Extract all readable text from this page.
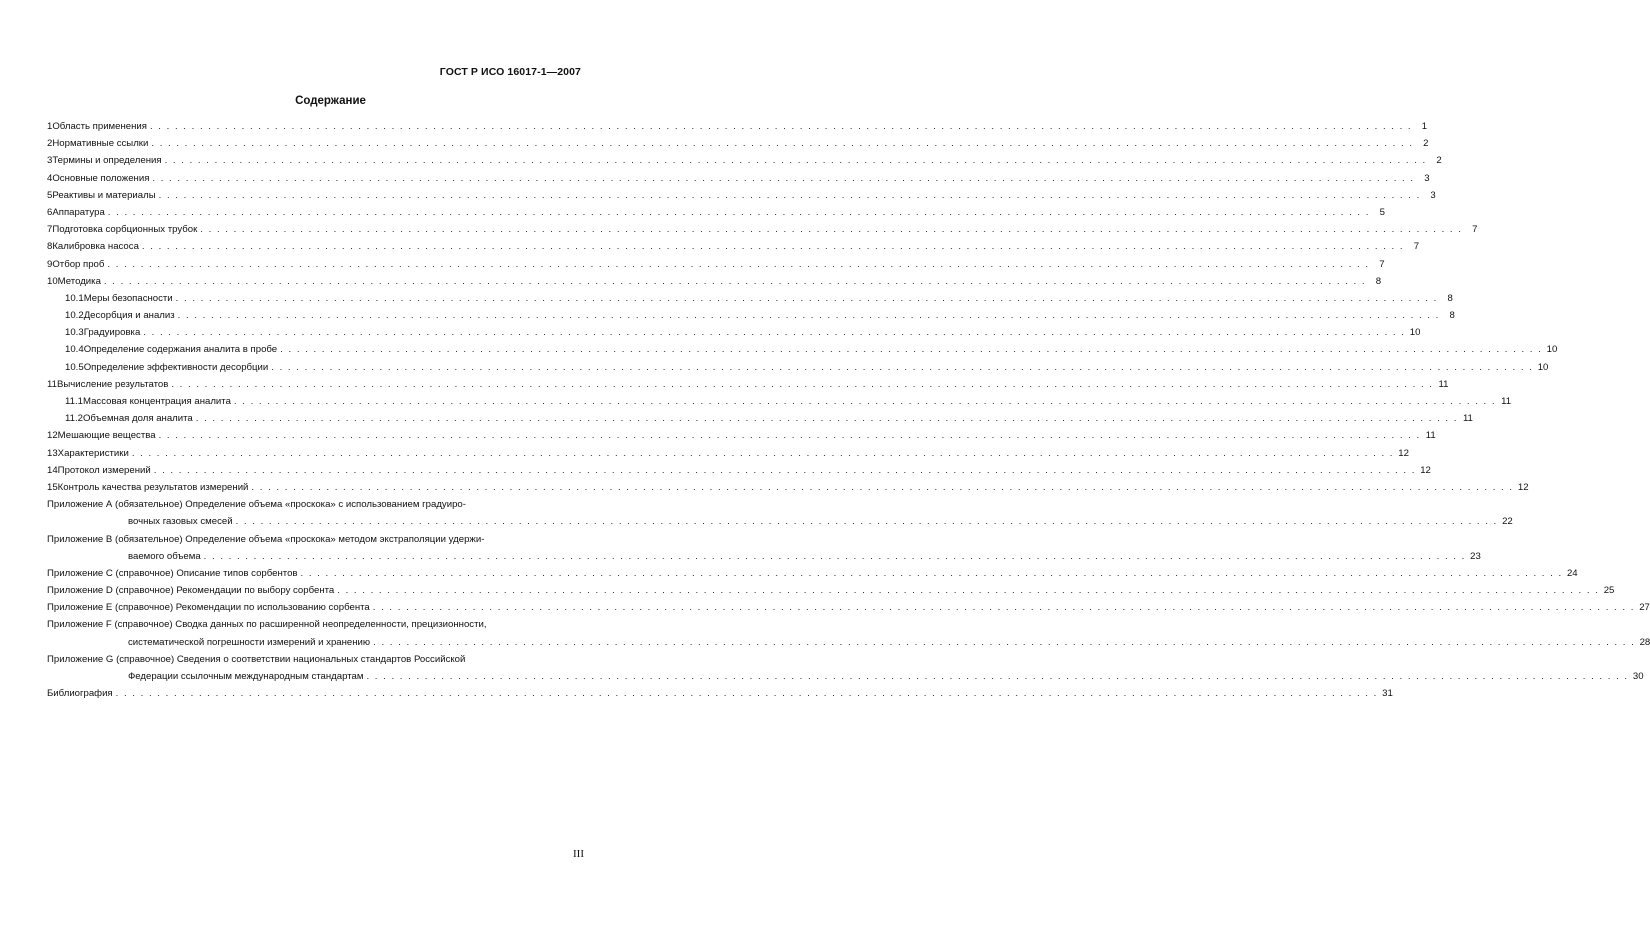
ГОСТ Р ИСО 16017-1—2007
Содержание
1 Область применения . . .	1
2 Нормативные ссылки . . .	2
3 Термины и определения . . .	2
4 Основные положения . . .	3
5 Реактивы и материалы . . .	3
6 Аппаратура . . .	5
7 Подготовка сорбционных трубок . . .	7
8 Калибровка насоса . . .	7
9 Отбор проб . . .	7
10 Методика . . .	8
10.1 Меры безопасности . . .	8
10.2 Десорбция и анализ . . .	8
10.3 Градуировка . . .	10
10.4 Определение содержания аналита в пробе . . .	10
10.5 Определение эффективности десорбции . . .	10
11 Вычисление результатов . . .	11
11.1 Массовая концентрация аналита . . .	11
11.2 Объемная доля аналита . . .	11
12 Мешающие вещества . . .	11
13 Характеристики . . .	12
14 Протокол измерений . . .	12
15 Контроль качества результатов измерений . . .	12
Приложение А (обязательное) Определение объема «проскока» с использованием градуиро-
вочных газовых смесей . . .	22
Приложение В (обязательное) Определение объема «проскока» методом экстраполяции удержи-
ваемого объема . . .	23
Приложение С (справочное) Описание типов сорбентов . . .	24
Приложение D (справочное) Рекомендации по выбору сорбента . . .	25
Приложение Е (справочное) Рекомендации по использованию сорбента . . .	27
Приложение F (справочное) Сводка данных по расширенной неопределенности, прецизионности,
систематической погрешности измерений и хранению . . .	28
Приложение G (справочное) Сведения о соответствии национальных стандартов Российской
Федерации ссылочным международным стандартам . . .	30
Библиография . . .	31
III
